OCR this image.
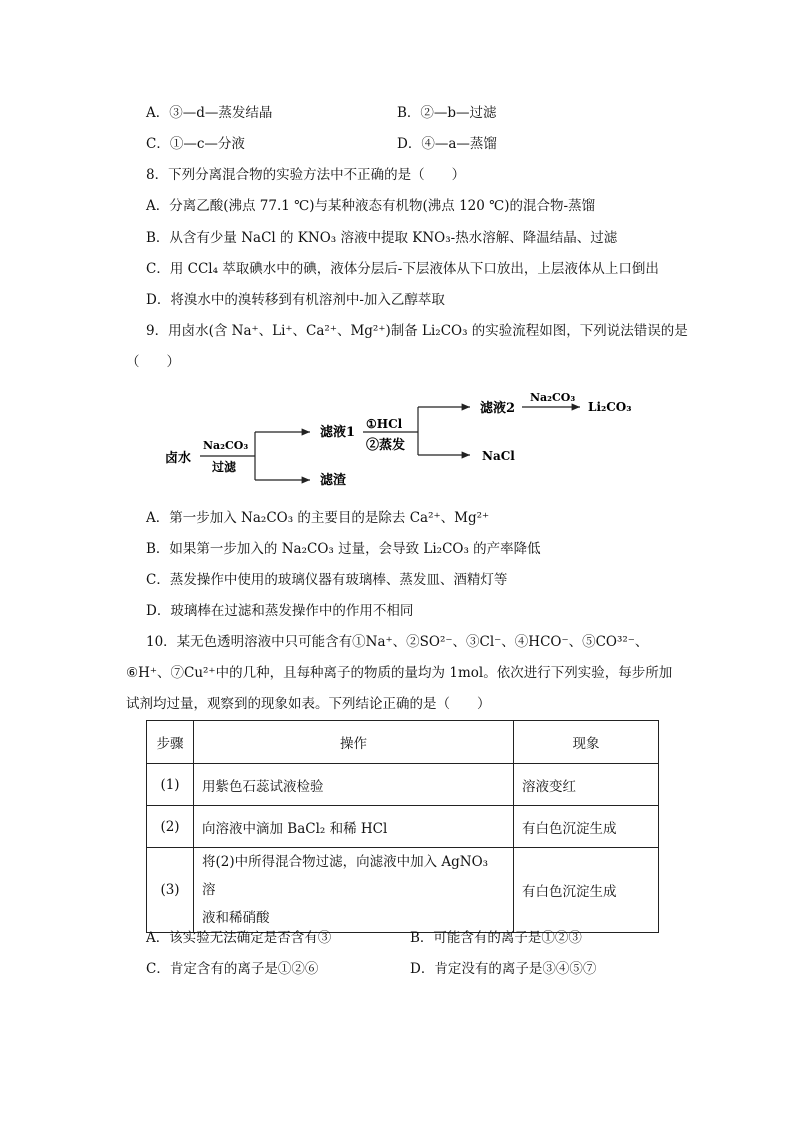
A．③—d—蒸发结晶	B．②—b—过滤
C．①—c—分液	D．④—a—蒸馏
8．下列分离混合物的实验方法中不正确的是（　　）
A．分离乙酸(沸点 77.1 ℃)与某种液态有机物(沸点 120 ℃)的混合物-蒸馏
B．从含有少量 NaCl 的 KNO₃ 溶液中提取 KNO₃-热水溶解、降温结晶、过滤
C．用 CCl₄ 萃取碘水中的碘，液体分层后-下层液体从下口放出，上层液体从上口倒出
D．将溴水中的溴转移到有机溶剂中-加入乙醇萃取
9．用卤水(含 Na⁺、Li⁺、Ca²⁺、Mg²⁺)制备 Li₂CO₃ 的实验流程如图，下列说法错误的是
（　　）
卤水
Na₂CO₃
过滤
滤液1
滤渣
①HCl
②蒸发
滤液2
NaCl
Na₂CO₃
Li₂CO₃
A．第一步加入 Na₂CO₃ 的主要目的是除去 Ca²⁺、Mg²⁺
B．如果第一步加入的 Na₂CO₃ 过量，会导致 Li₂CO₃ 的产率降低
C．蒸发操作中使用的玻璃仪器有玻璃棒、蒸发皿、酒精灯等
D．玻璃棒在过滤和蒸发操作中的作用不相同
10．某无色透明溶液中只可能含有①Na⁺、②SO²⁻、③Cl⁻、④HCO⁻、⑤CO³²⁻、
⑥H⁺、⑦Cu²⁺中的几种，且每种离子的物质的量均为 1mol。依次进行下列实验，每步所加
试剂均过量，观察到的现象如表。下列结论正确的是（　　）
步骤	操作	现象
(1)	用紫色石蕊试液检验	溶液变红
(2)	向溶液中滴加 BaCl₂ 和稀 HCl	有白色沉淀生成
(3)	将(2)中所得混合物过滤，向滤液中加入 AgNO₃ 溶
液和稀硝酸	有白色沉淀生成
A．该实验无法确定是否含有③	B．可能含有的离子是①②③
C．肯定含有的离子是①②⑥	D．肯定没有的离子是③④⑤⑦
